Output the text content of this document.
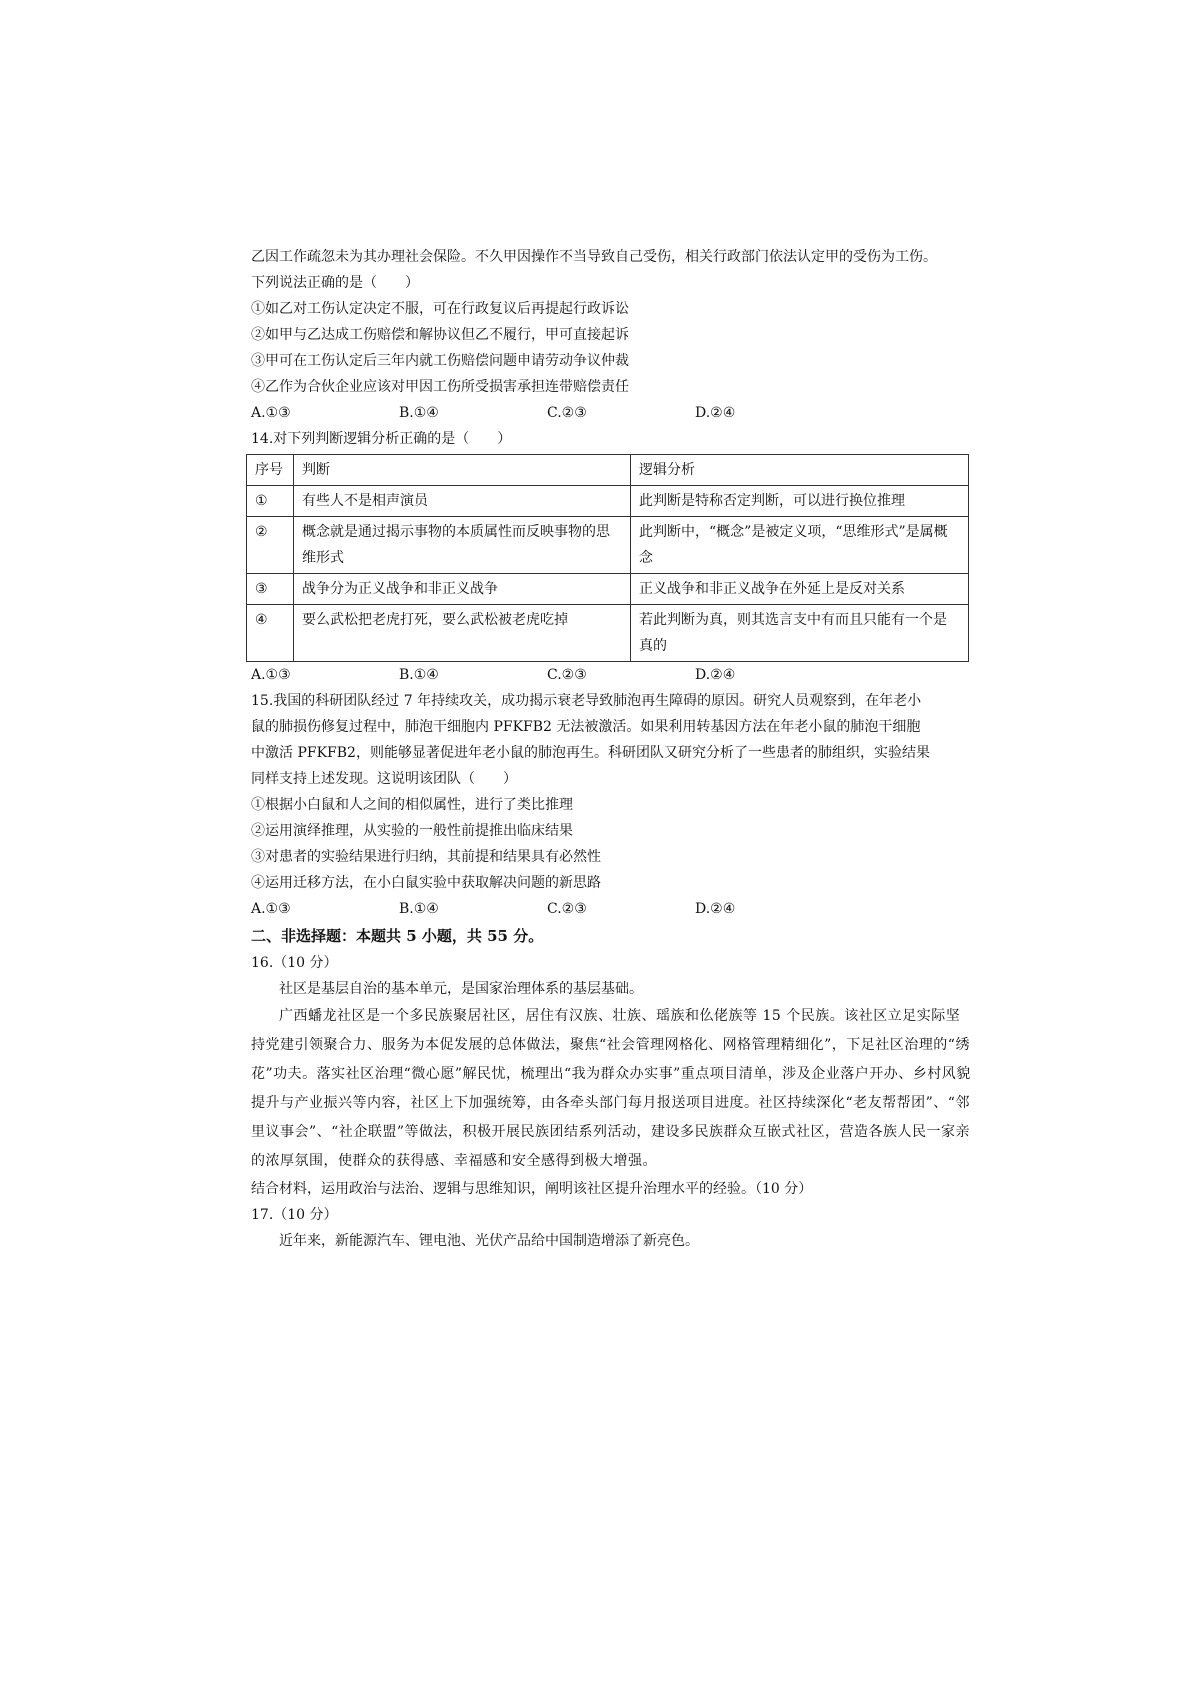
乙因工作疏忽未为其办理社会保险。不久甲因操作不当导致自己受伤，相关行政部门依法认定甲的受伤为工伤。
下列说法正确的是（　　）
①如乙对工伤认定决定不服，可在行政复议后再提起行政诉讼
②如甲与乙达成工伤赔偿和解协议但乙不履行，甲可直接起诉
③甲可在工伤认定后三年内就工伤赔偿问题申请劳动争议仲裁
④乙作为合伙企业应该对甲因工伤所受损害承担连带赔偿责任
A.①③	B.①④	C.②③	D.②④
14.对下列判断逻辑分析正确的是（　　）
序号	判断	逻辑分析
①	有些人不是相声演员	此判断是特称否定判断，可以进行换位推理
②	概念就是通过揭示事物的本质属性而反映事物的思维形式	此判断中，“概念”是被定义项，“思维形式”是属概念
③	战争分为正义战争和非正义战争	正义战争和非正义战争在外延上是反对关系
④	要么武松把老虎打死，要么武松被老虎吃掉	若此判断为真，则其选言支中有而且只能有一个是真的
A.①③	B.①④	C.②③	D.②④
15.我国的科研团队经过 7 年持续攻关，成功揭示衰老导致肺泡再生障碍的原因。研究人员观察到，在年老小
鼠的肺损伤修复过程中，肺泡干细胞内 PFKFB2 无法被激活。如果利用转基因方法在年老小鼠的肺泡干细胞
中激活 PFKFB2，则能够显著促进年老小鼠的肺泡再生。科研团队又研究分析了一些患者的肺组织，实验结果
同样支持上述发现。这说明该团队（　　）
①根据小白鼠和人之间的相似属性，进行了类比推理
②运用演绎推理，从实验的一般性前提推出临床结果
③对患者的实验结果进行归纳，其前提和结果具有必然性
④运用迁移方法，在小白鼠实验中获取解决问题的新思路
A.①③	B.①④	C.②③	D.②④
二、非选择题：本题共 5 小题，共 55 分。
16.（10 分）
社区是基层自治的基本单元，是国家治理体系的基层基础。
广西蟠龙社区是一个多民族聚居社区，居住有汉族、壮族、瑶族和仫佬族等 15 个民族。该社区立足实际坚持党建引领聚合力、服务为本促发展的总体做法，聚焦“社会管理网格化、网格管理精细化”，下足社区治理的“绣花”功夫。落实社区治理“微心愿”解民忧，梳理出“我为群众办实事”重点项目清单，涉及企业落户开办、乡村风貌提升与产业振兴等内容，社区上下加强统筹，由各牵头部门每月报送项目进度。社区持续深化“老友帮帮团”、“邻里议事会”、“社企联盟”等做法，积极开展民族团结系列活动，建设多民族群众互嵌式社区，营造各族人民一家亲的浓厚氛围，使群众的获得感、幸福感和安全感得到极大增强。
结合材料，运用政治与法治、逻辑与思维知识，阐明该社区提升治理水平的经验。（10 分）
17.（10 分）
近年来，新能源汽车、锂电池、光伏产品给中国制造增添了新亮色。
